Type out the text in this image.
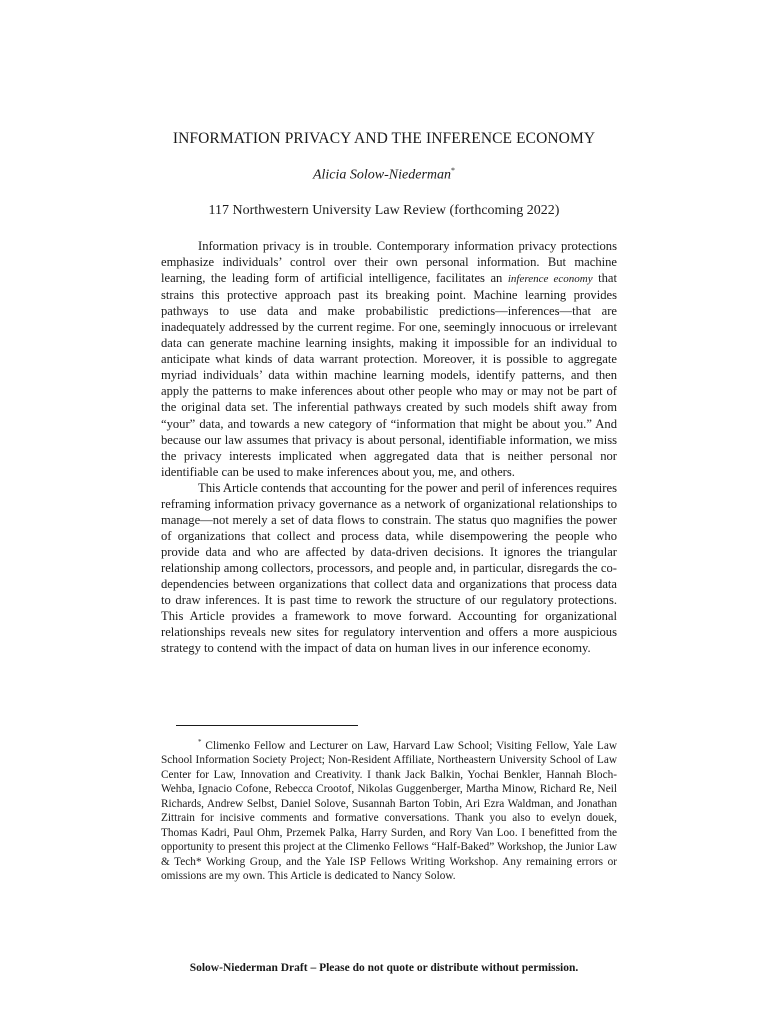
INFORMATION PRIVACY AND THE INFERENCE ECONOMY

Alicia Solow-Niederman*

117 Northwestern University Law Review (forthcoming 2022)

Information privacy is in trouble. Contemporary information privacy protections emphasize individuals’ control over their own personal information. But machine learning, the leading form of artificial intelligence, facilitates an inference economy that strains this protective approach past its breaking point. Machine learning provides pathways to use data and make probabilistic predictions—inferences—that are inadequately addressed by the current regime. For one, seemingly innocuous or irrelevant data can generate machine learning insights, making it impossible for an individual to anticipate what kinds of data warrant protection. Moreover, it is possible to aggregate myriad individuals’ data within machine learning models, identify patterns, and then apply the patterns to make inferences about other people who may or may not be part of the original data set. The inferential pathways created by such models shift away from “your” data, and towards a new category of “information that might be about you.” And because our law assumes that privacy is about personal, identifiable information, we miss the privacy interests implicated when aggregated data that is neither personal nor identifiable can be used to make inferences about you, me, and others.

This Article contends that accounting for the power and peril of inferences requires reframing information privacy governance as a network of organizational relationships to manage—not merely a set of data flows to constrain. The status quo magnifies the power of organizations that collect and process data, while disempowering the people who provide data and who are affected by data-driven decisions. It ignores the triangular relationship among collectors, processors, and people and, in particular, disregards the co-dependencies between organizations that collect data and organizations that process data to draw inferences. It is past time to rework the structure of our regulatory protections. This Article provides a framework to move forward. Accounting for organizational relationships reveals new sites for regulatory intervention and offers a more auspicious strategy to contend with the impact of data on human lives in our inference economy.

* Climenko Fellow and Lecturer on Law, Harvard Law School; Visiting Fellow, Yale Law School Information Society Project; Non-Resident Affiliate, Northeastern University School of Law Center for Law, Innovation and Creativity. I thank Jack Balkin, Yochai Benkler, Hannah Bloch-Wehba, Ignacio Cofone, Rebecca Crootof, Nikolas Guggenberger, Martha Minow, Richard Re, Neil Richards, Andrew Selbst, Daniel Solove, Susannah Barton Tobin, Ari Ezra Waldman, and Jonathan Zittrain for incisive comments and formative conversations. Thank you also to evelyn douek, Thomas Kadri, Paul Ohm, Przemek Palka, Harry Surden, and Rory Van Loo. I benefitted from the opportunity to present this project at the Climenko Fellows “Half-Baked” Workshop, the Junior Law & Tech* Working Group, and the Yale ISP Fellows Writing Workshop. Any remaining errors or omissions are my own. This Article is dedicated to Nancy Solow.

Solow-Niederman Draft – Please do not quote or distribute without permission.
